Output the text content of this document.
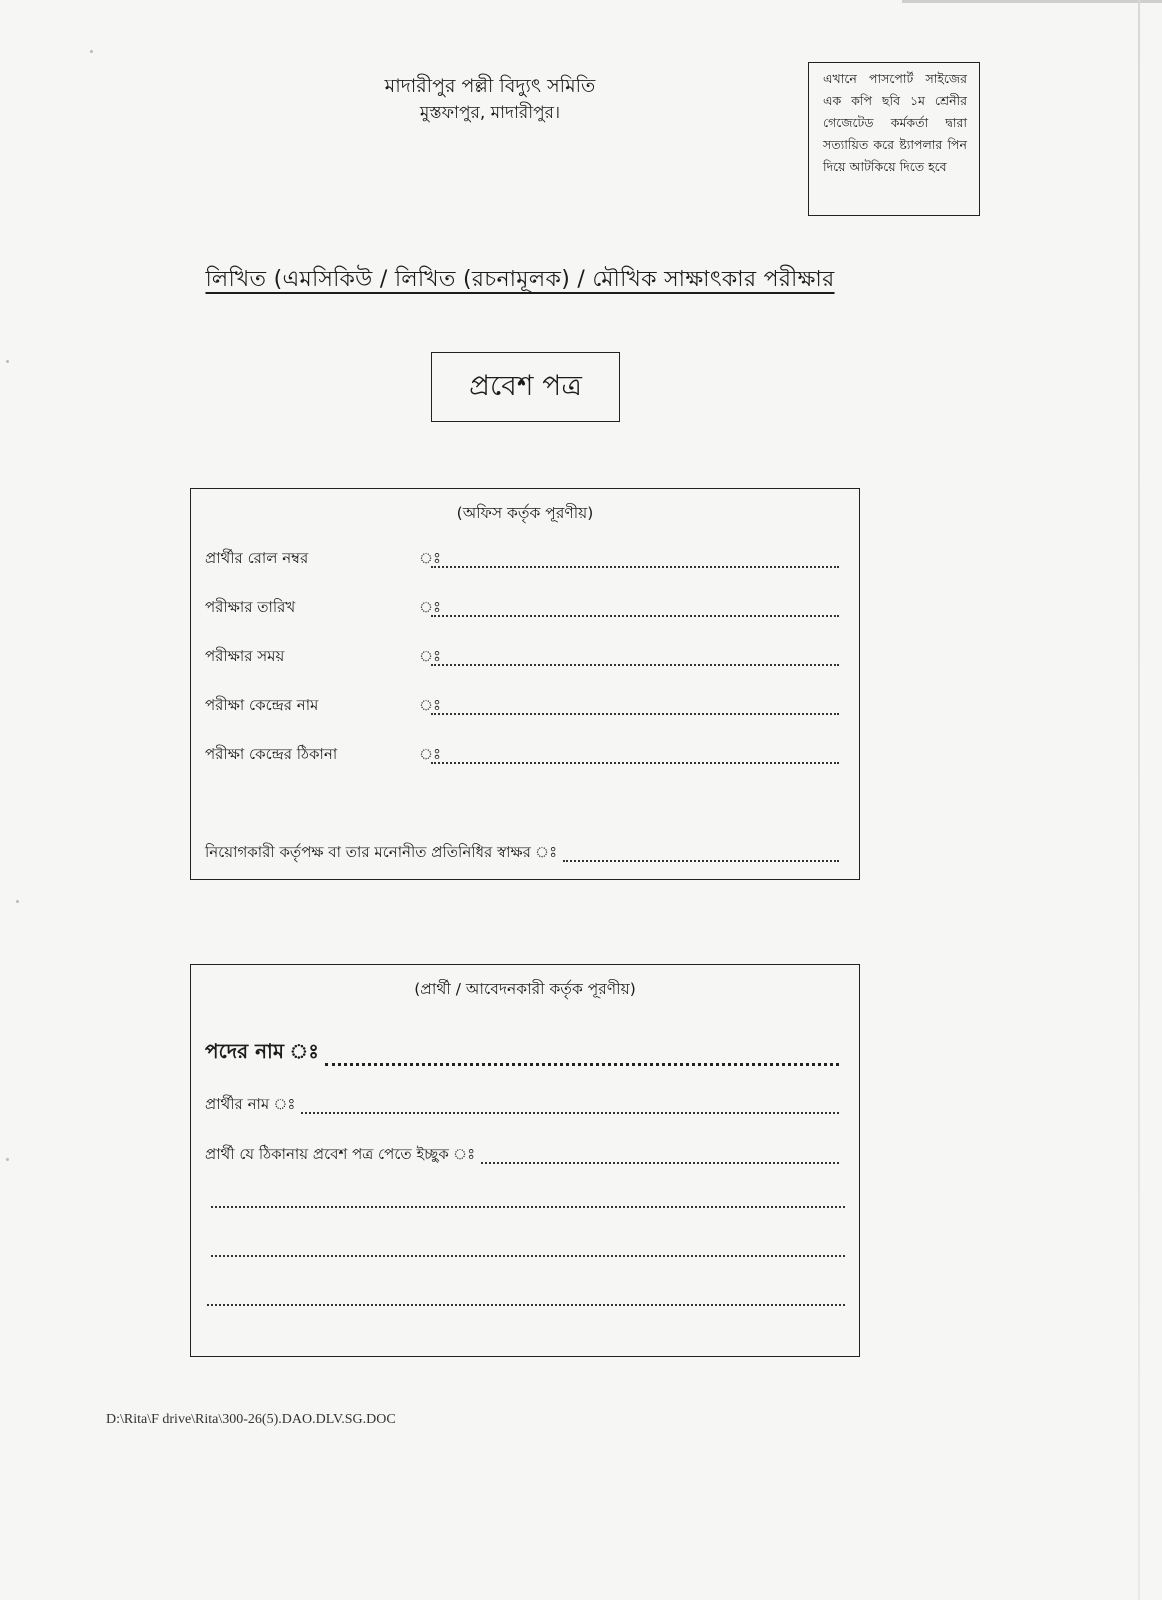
মাদারীপুর পল্লী বিদ্যুৎ সমিতি
মুস্তফাপুর, মাদারীপুর।
এখানে পাসপোর্ট সাইজের এক কপি ছবি ১ম শ্রেনীর গেজেটেড কর্মকর্তা দ্বারা সত্যায়িত করে ষ্ট্যাপলার পিন দিয়ে আটকিয়ে দিতে হবে
লিখিত (এমসিকিউ / লিখিত (রচনামূলক) / মৌখিক সাক্ষাৎকার পরীক্ষার
প্রবেশ পত্র
(অফিস কর্তৃক পূরণীয়)
প্রার্থীর রোল নম্বর	ঃ
পরীক্ষার তারিখ	ঃ
পরীক্ষার সময়	ঃ
পরীক্ষা কেন্দ্রের নাম	ঃ
পরীক্ষা কেন্দ্রের ঠিকানা	ঃ
নিয়োগকারী কর্তৃপক্ষ বা তার মনোনীত প্রতিনিধির স্বাক্ষর ঃ
(প্রার্থী / আবেদনকারী কর্তৃক পূরণীয়)
পদের নাম ঃ
প্রার্থীর নাম ঃ
প্রার্থী যে ঠিকানায় প্রবেশ পত্র পেতে ইচ্ছুক ঃ
D:\Rita\F drive\Rita\300-26(5).DAO.DLV.SG.DOC
